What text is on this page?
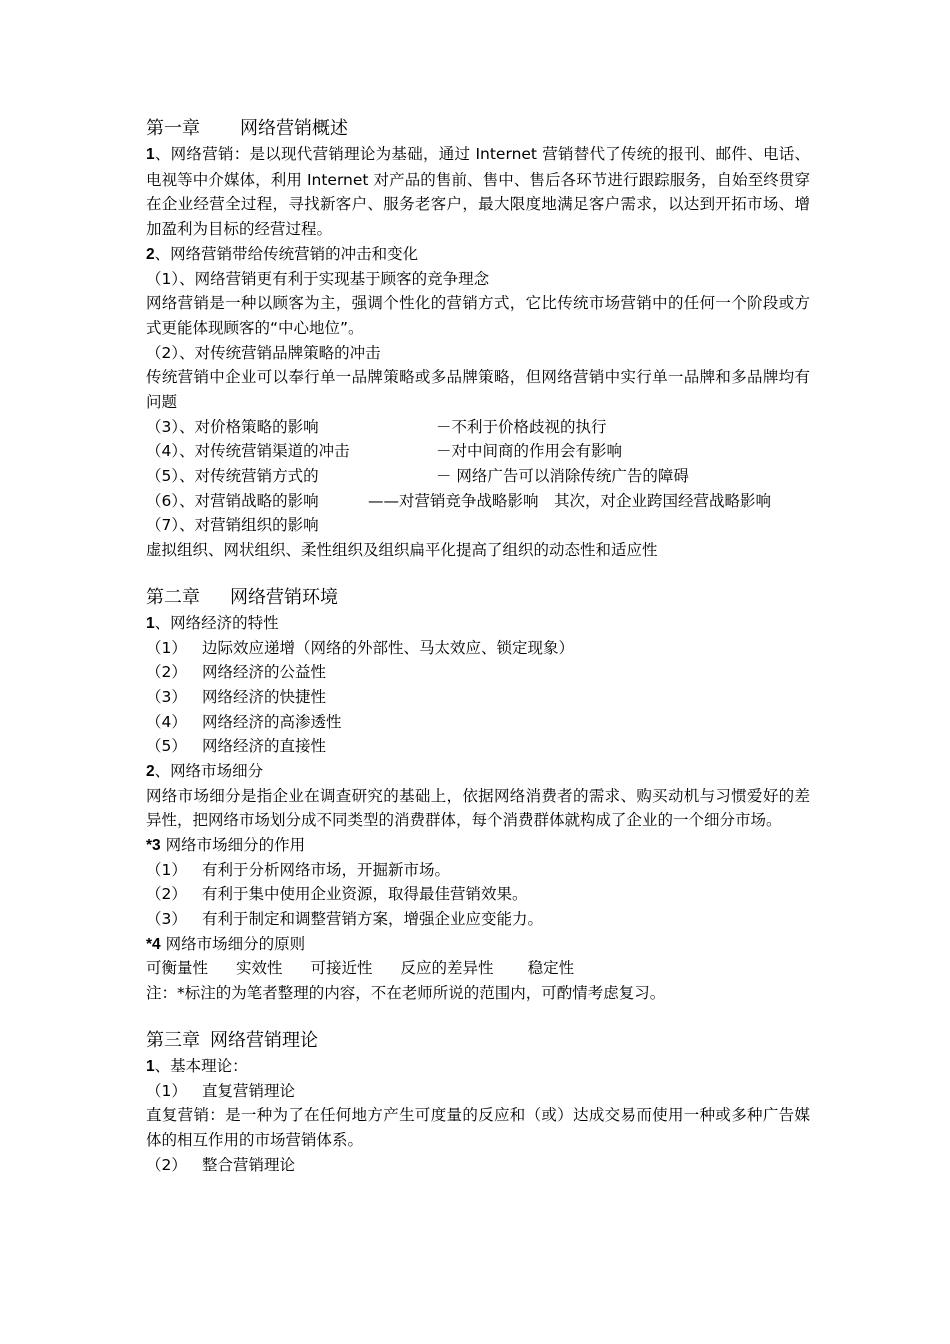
第一章 网络营销概述
1、网络营销：是以现代营销理论为基础，通过 Internet 营销替代了传统的报刊、邮件、电话、电视等中介媒体，利用 Internet 对产品的售前、售中、售后各环节进行跟踪服务，自始至终贯穿在企业经营全过程，寻找新客户、服务老客户，最大限度地满足客户需求，以达到开拓市场、增加盈利为目标的经营过程。
2、网络营销带给传统营销的冲击和变化
（1）、网络营销更有利于实现基于顾客的竞争理念
网络营销是一种以顾客为主，强调个性化的营销方式，它比传统市场营销中的任何一个阶段或方式更能体现顾客的“中心地位”。
（2）、对传统营销品牌策略的冲击
传统营销中企业可以奉行单一品牌策略或多品牌策略，但网络营销中实行单一品牌和多品牌均有问题
（3）、对价格策略的影响	－不利于价格歧视的执行
（4）、对传统营销渠道的冲击	－对中间商的作用会有影响
（5）、对传统营销方式的	－ 网络广告可以消除传统广告的障碍
（6）、对营销战略的影响	——对营销竞争战略影响　其次，对企业跨国经营战略影响
（7）、对营销组织的影响
虚拟组织、网状组织、柔性组织及组织扁平化提高了组织的动态性和适应性
第二章 网络营销环境
1、网络经济的特性
（1） 边际效应递增（网络的外部性、马太效应、锁定现象）
（2） 网络经济的公益性
（3） 网络经济的快捷性
（4） 网络经济的高渗透性
（5） 网络经济的直接性
2、网络市场细分
网络市场细分是指企业在调查研究的基础上，依据网络消费者的需求、购买动机与习惯爱好的差异性，把网络市场划分成不同类型的消费群体，每个消费群体就构成了企业的一个细分市场。
*3 网络市场细分的作用
（1） 有利于分析网络市场，开掘新市场。
（2） 有利于集中使用企业资源，取得最佳营销效果。
（3） 有利于制定和调整营销方案，增强企业应变能力。
*4 网络市场细分的原则
可衡量性 实效性 可接近性 反应的差异性 稳定性
注：*标注的为笔者整理的内容，不在老师所说的范围内，可酌情考虑复习。
第三章 网络营销理论
1、基本理论：
（1） 直复营销理论
直复营销：是一种为了在任何地方产生可度量的反应和（或）达成交易而使用一种或多种广告媒体的相互作用的市场营销体系。
（2） 整合营销理论
